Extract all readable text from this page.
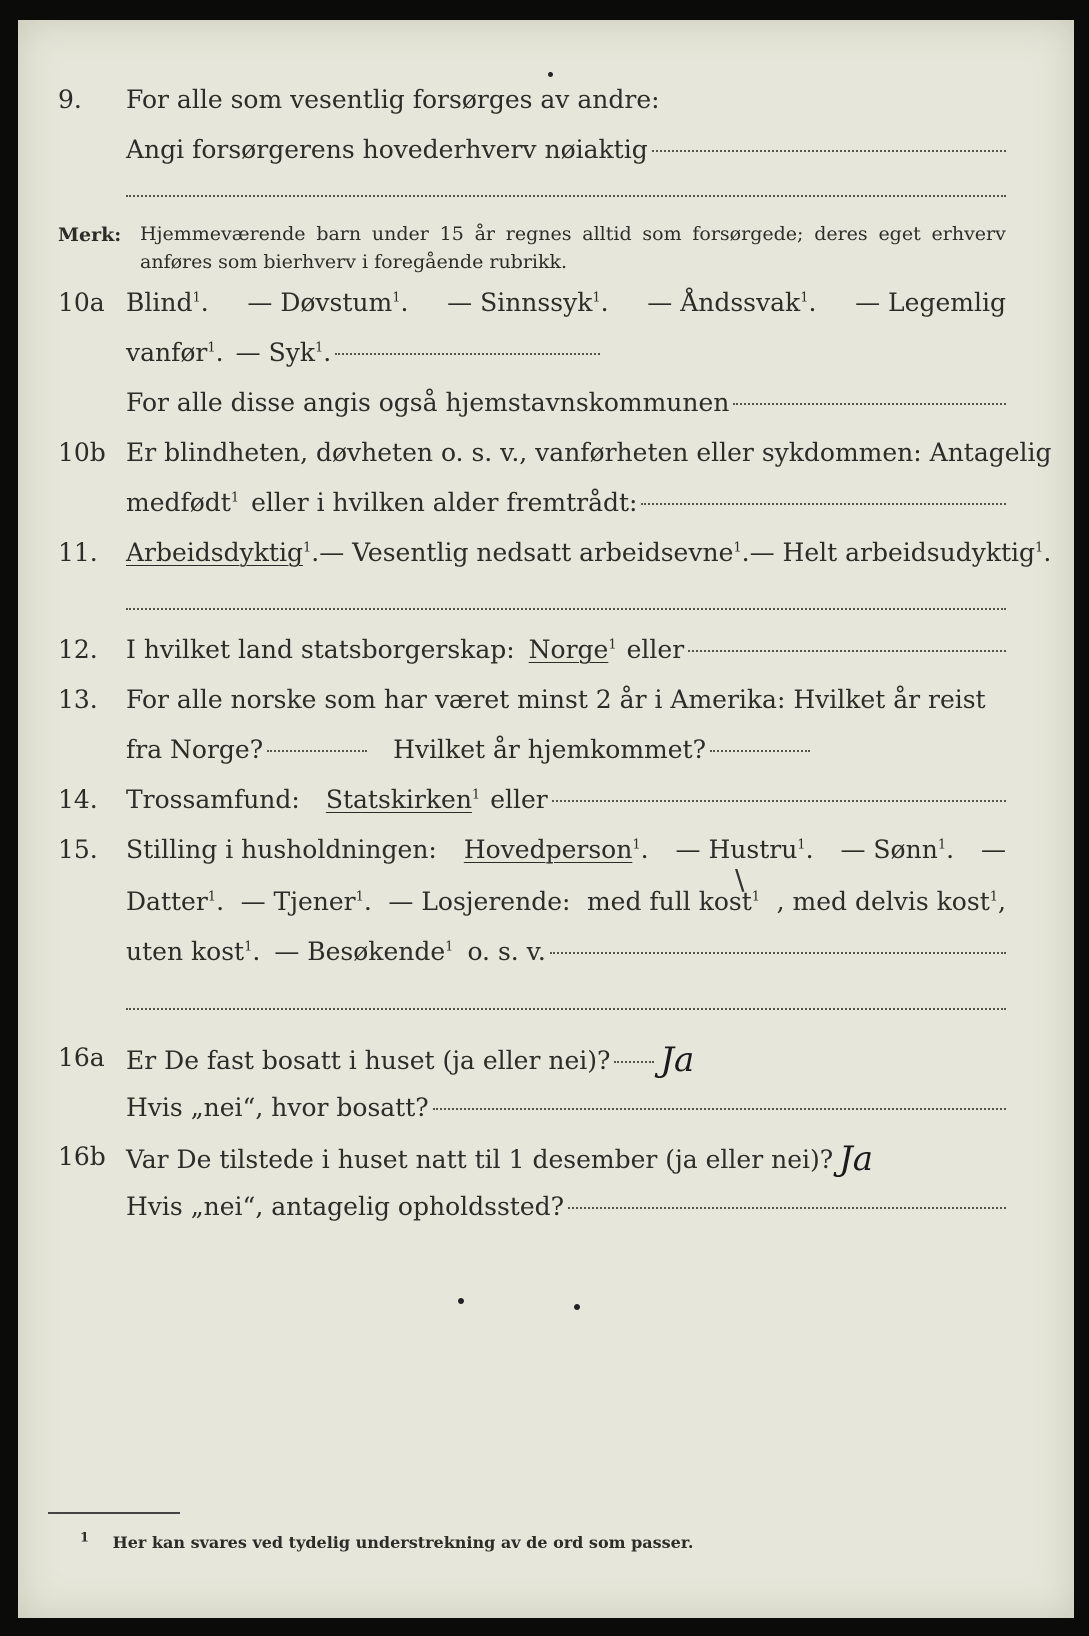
9. For alle som vesentlig forsørges av andre:
Angi forsørgerens hovederhverv nøiaktig
Merk: Hjemmeværende barn under 15 år regnes alltid som forsørgede; deres eget erhverv
anføres som bierhverv i foregående rubrikk.
10a Blind$^1$. — Døvstum$^1$. — Sinnssyk$^1$. — Åndssvak$^1$. — Legemlig
vanfør$^1$. — Syk$^1$.
For alle disse angis også hjemstavnskommunen
10b Er blindheten, døvheten o. s. v., vanførheten eller sykdommen: Antagelig
medfødt$^1$ eller i hvilken alder fremtrådt:
11. Arbeidsdyktig$^1$. — Vesentlig nedsatt arbeidsevne$^1$. — Helt arbeidsudyktig$^1$.
12. I hvilket land statsborgerskap: Norge$^1$ eller
13. For alle norske som har været minst 2 år i Amerika: Hvilket år reist
fra Norge?	Hvilket år hjemkommet?
14. Trossamfund: Statskirken$^1$ eller
15. Stilling i husholdningen: Hovedperson$^1$. — Hustru$^1$. — Sønn$^1$. —
Datter$^1$. — Tjener$^1$. — Losjerende: med full kost$^1$ , med delvis kost$^1$,
\
uten kost$^1$. — Besøkende$^1$ o. s. v.
16a Er De fast bosatt i huset (ja eller nei)? Ja
Hvis „nei“, hvor bosatt?
16b Var De tilstede i huset natt til 1 desember (ja eller nei)? Ja
Hvis „nei“, antagelig opholdssted?
$^1$ Her kan svares ved tydelig understrekning av de ord som passer.
